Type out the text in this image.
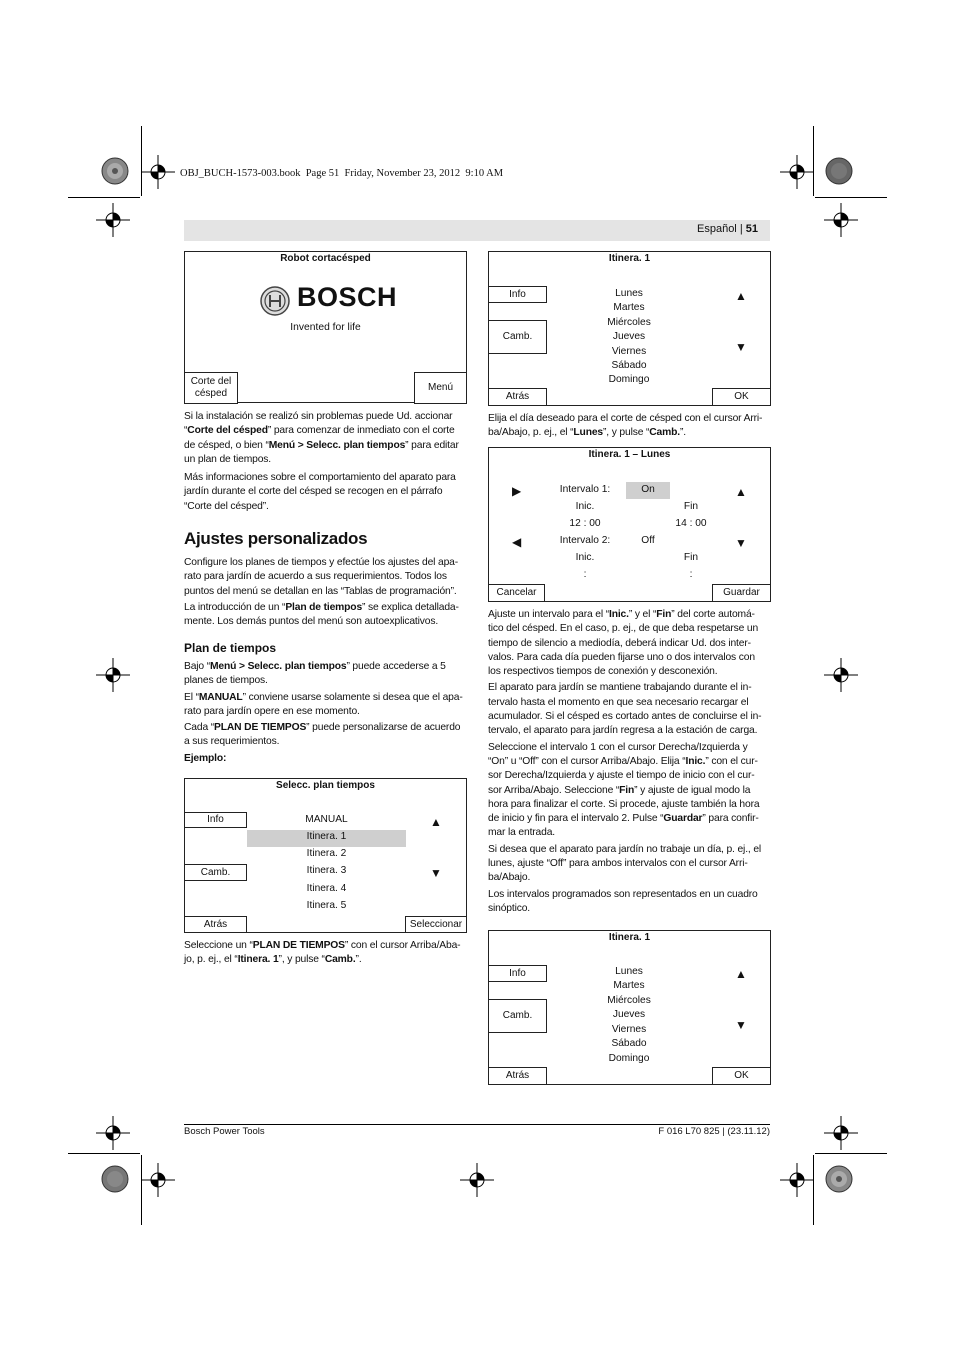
OBJ_BUCH-1573-003.book  Page 51  Friday, November 23, 2012  9:10 AM
Español | 51
Robot cortacésped
BOSCH
Invented for life
Corte del césped
Menú
Si la instalación se realizó sin problemas puede Ud. accionar
“Corte del césped” para comenzar de inmediato con el corte
de césped, o bien “Menú > Selecc. plan tiempos” para editar
un plan de tiempos.
Más informaciones sobre el comportamiento del aparato para
jardín durante el corte del césped se recogen en el párrafo
“Corte del césped”.
Ajustes personalizados
Configure los planes de tiempos y efectúe los ajustes del apa-
rato para jardín de acuerdo a sus requerimientos. Todos los
puntos del menú se detallan en las “Tablas de programación”.
La introducción de un “Plan de tiempos” se explica detallada-
mente. Los demás puntos del menú son autoexplicativos.
Plan de tiempos
Bajo “Menú > Selecc. plan tiempos” puede accederse a 5
planes de tiempos.
El “MANUAL” conviene usarse solamente si desea que el apa-
rato para jardín opere en ese momento.
Cada “PLAN DE TIEMPOS” puede personalizarse de acuerdo
a sus requerimientos.
Ejemplo:
Selecc. plan tiempos
Info
Camb.
Atrás	Seleccionar
MANUAL
Itinera. 1
Itinera. 2
Itinera. 3
Itinera. 4
Itinera. 5
▲
▼
Seleccione un “PLAN DE TIEMPOS” con el cursor Arriba/Aba-
jo, p. ej., el “Itinera. 1”, y pulse “Camb.”.
Itinera. 1
Info
Camb.
Atrás	OK
Lunes
Martes
Miércoles
Jueves
Viernes
Sábado
Domingo
▲
▼
Elija el día deseado para el corte de césped con el cursor Arri-
ba/Abajo, p. ej., el “Lunes”, y pulse “Camb.”.
Itinera. 1 – Lunes
▶	Intervalo 1:	On	▲
Inic.	Fin
12 : 00	14 : 00
◀	Intervalo 2:	Off	▼
Inic.	Fin
:	:
Cancelar	Guardar
Ajuste un intervalo para el “Inic.” y el “Fin” del corte automá-
tico del césped. En el caso, p. ej., de que deba respetarse un
tiempo de silencio a mediodía, deberá indicar Ud. dos inter-
valos. Para cada día pueden fijarse uno o dos intervalos con
los respectivos tiempos de conexión y desconexión.
El aparato para jardín se mantiene trabajando durante el in-
tervalo hasta el momento en que sea necesario recargar el
acumulador. Si el césped es cortado antes de concluirse el in-
tervalo, el aparato para jardín regresa a la estación de carga.
Seleccione el intervalo 1 con el cursor Derecha/Izquierda y
“On” u “Off” con el cursor Arriba/Abajo. Elija “Inic.” con el cur-
sor Derecha/Izquierda y ajuste el tiempo de inicio con el cur-
sor Arriba/Abajo. Seleccione “Fin” y ajuste de igual modo la
hora para finalizar el corte. Si procede, ajuste también la hora
de inicio y fin para el intervalo 2. Pulse “Guardar” para confir-
mar la entrada.
Si desea que el aparato para jardín no trabaje un día, p. ej., el
lunes, ajuste “Off” para ambos intervalos con el cursor Arri-
ba/Abajo.
Los intervalos programados son representados en un cuadro
sinóptico.
Itinera. 1
Info
Camb.
Atrás	OK
Lunes
Martes
Miércoles
Jueves
Viernes
Sábado
Domingo
▲
▼
Bosch Power Tools	F 016 L70 825 | (23.11.12)
